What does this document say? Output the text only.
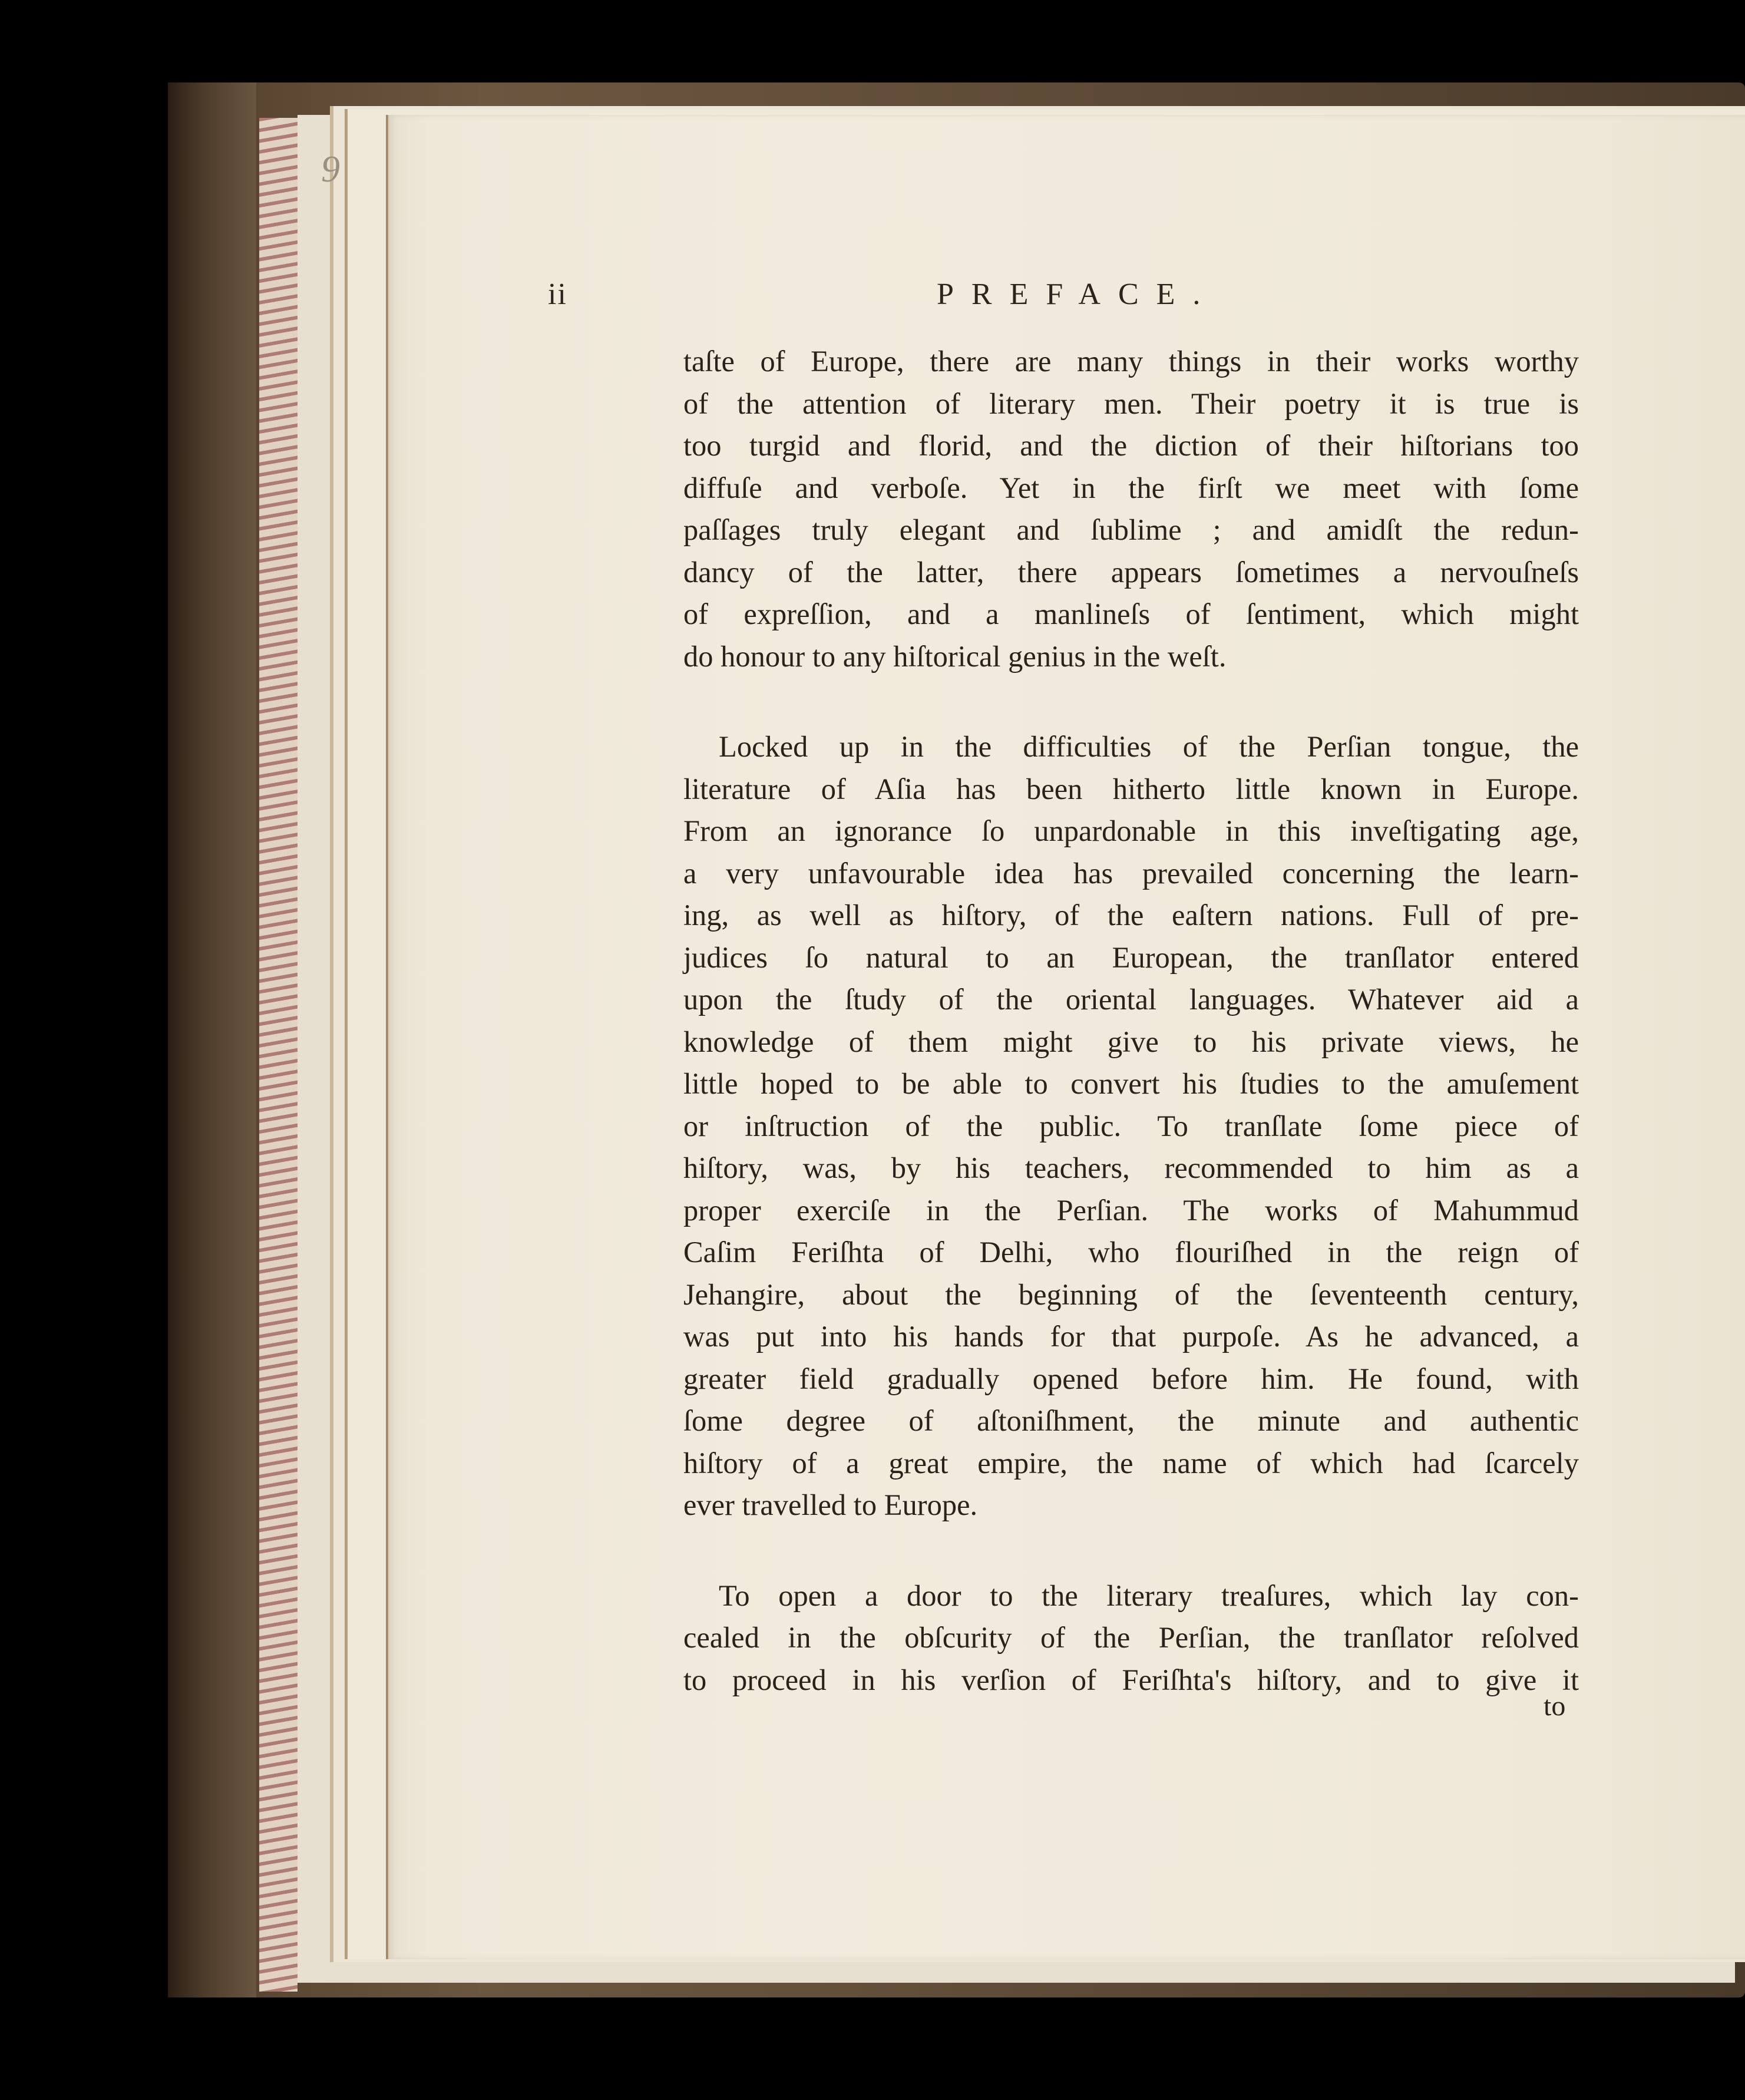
9
ii	PREFACE.
taſte of Europe, there are many things in their works worthy
of the attention of literary men. Their poetry it is true is
too turgid and florid, and the diction of their hiſtorians too
diffuſe and verboſe. Yet in the firſt we meet with ſome
paſſages truly elegant and ſublime ; and amidſt the redun-
dancy of the latter, there appears ſometimes a nervouſneſs
of expreſſion, and a manlineſs of ſentiment, which might
do honour to any hiſtorical genius in the weſt.
Locked up in the difficulties of the Perſian tongue, the
literature of Aſia has been hitherto little known in Europe.
From an ignorance ſo unpardonable in this inveſtigating age,
a very unfavourable idea has prevailed concerning the learn-
ing, as well as hiſtory, of the eaſtern nations. Full of pre-
judices ſo natural to an European, the tranſlator entered
upon the ſtudy of the oriental languages. Whatever aid a
knowledge of them might give to his private views, he
little hoped to be able to convert his ſtudies to the amuſement
or inſtruction of the public. To tranſlate ſome piece of
hiſtory, was, by his teachers, recommended to him as a
proper exerciſe in the Perſian. The works of Mahummud
Caſim Feriſhta of Delhi, who flouriſhed in the reign of
Jehangire, about the beginning of the ſeventeenth century,
was put into his hands for that purpoſe. As he advanced, a
greater field gradually opened before him. He found, with
ſome degree of aſtoniſhment, the minute and authentic
hiſtory of a great empire, the name of which had ſcarcely
ever travelled to Europe.
To open a door to the literary treaſures, which lay con-
cealed in the obſcurity of the Perſian, the tranſlator reſolved
to proceed in his verſion of Feriſhta's hiſtory, and to give it
to
